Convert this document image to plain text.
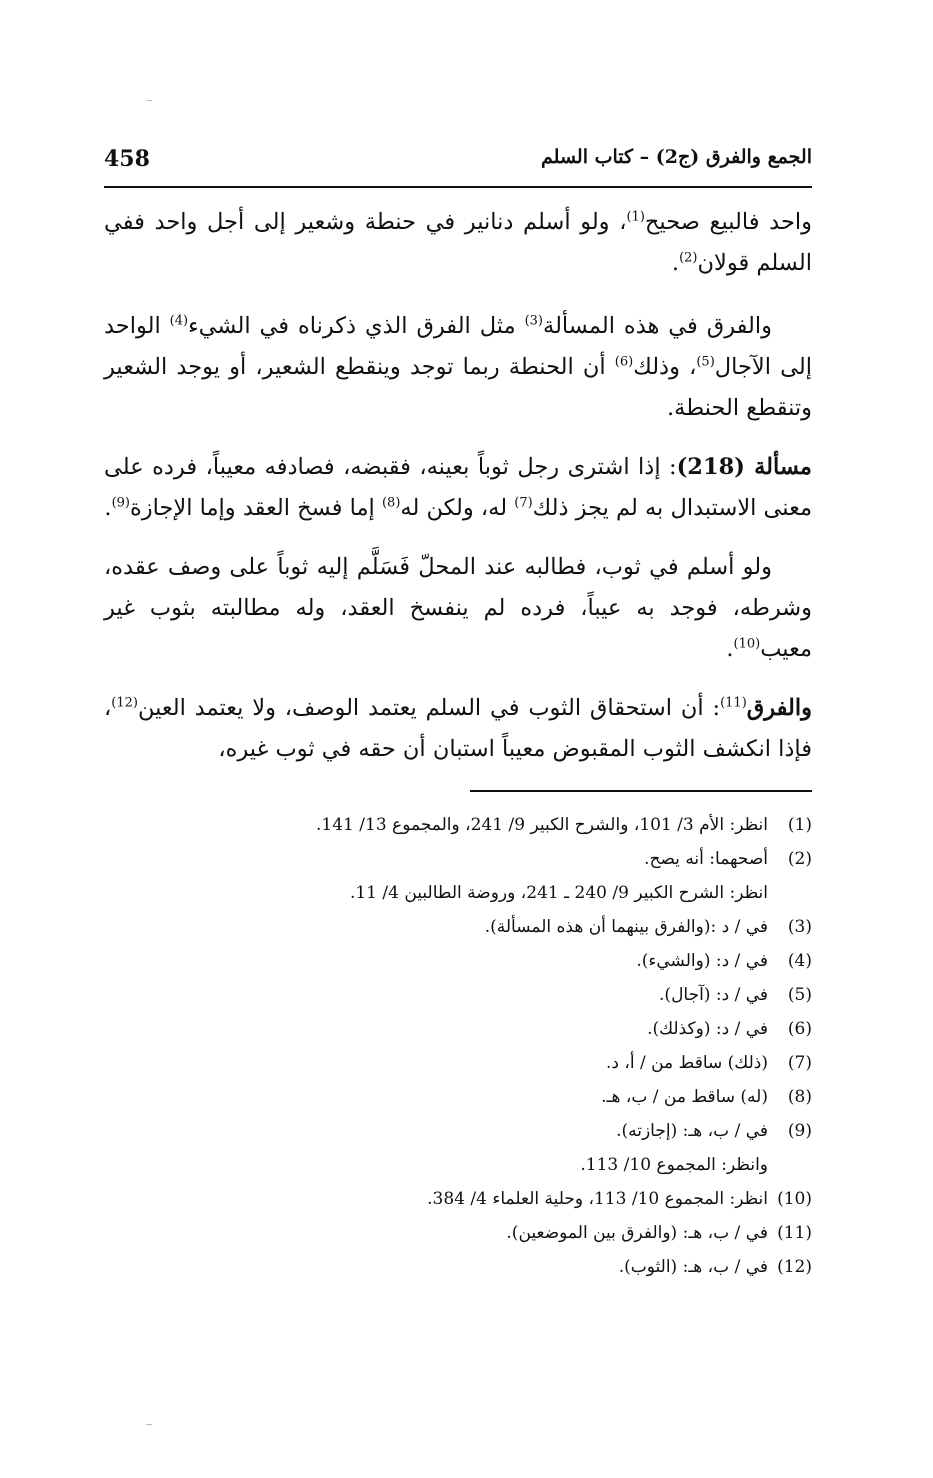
458	الجمع والفرق (ج2) – كتاب السلم

واحد فالبيع صحيح$^{(1)}$، ولو أسلم دنانير في حنطة وشعير إلى أجل واحد ففي السلم قولان$^{(2)}$.

والفرق في هذه المسألة$^{(3)}$ مثل الفرق الذي ذكرناه في الشيء$^{(4)}$ الواحد إلى الآجال$^{(5)}$، وذلك$^{(6)}$ أن الحنطة ربما توجد وينقطع الشعير، أو يوجد الشعير وتنقطع الحنطة.

مسألة (218): إذا اشترى رجل ثوباً بعينه، فقبضه، فصادفه معيباً، فرده على معنى الاستبدال به لم يجز ذلك$^{(7)}$ له، ولكن له$^{(8)}$ إما فسخ العقد وإما الإجازة$^{(9)}$.

ولو أسلم في ثوب، فطالبه عند المحلّ فَسَلَّم إليه ثوباً على وصف عقده، وشرطه، فوجد به عيباً، فرده لم ينفسخ العقد، وله مطالبته بثوب غير معيب$^{(10)}$.

والفرق$^{(11)}$: أن استحقاق الثوب في السلم يعتمد الوصف، ولا يعتمد العين$^{(12)}$، فإذا انكشف الثوب المقبوض معيباً استبان أن حقه في ثوب غيره،

(1)
انظر: الأم 3/ 101، والشرح الكبير 9/ 241، والمجموع 13/ 141.
(2)
أصحهما: أنه يصح.
انظر: الشرح الكبير 9/ 240 ـ 241، وروضة الطالبين 4/ 11.
(3)
في / د :(والفرق بينهما أن هذه المسألة).
(4)
في / د: (والشيء).
(5)
في / د: (آجال).
(6)
في / د: (وكذلك).
(7)
(ذلك) ساقط من / أ، د.
(8)
(له) ساقط من / ب، هـ.
(9)
في / ب، هـ: (إجازته).
وانظر: المجموع 10/ 113.
(10)
انظر: المجموع 10/ 113، وحلية العلماء 4/ 384.
(11)
في / ب، هـ: (والفرق بين الموضعين).
(12)
في / ب، هـ: (الثوب).
